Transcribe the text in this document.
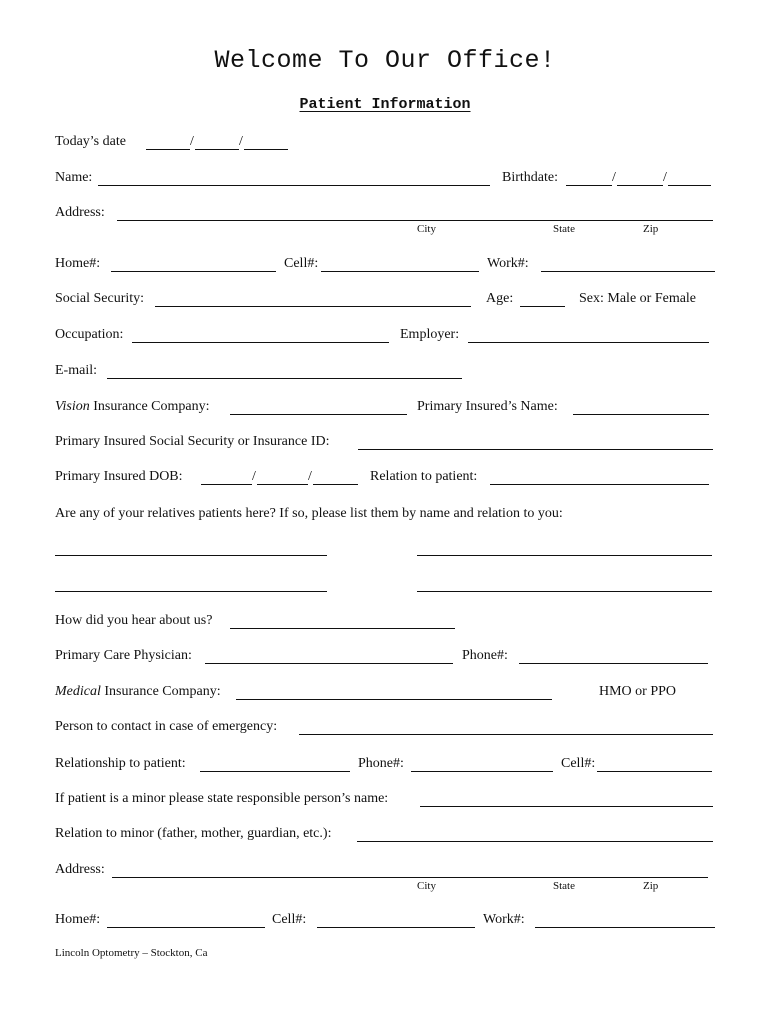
Welcome To Our Office!
Patient Information
Today’s date	/	/
Name:	Birthdate:	/	/
Address:
City	State	Zip
Home#:	Cell#:	Work#:
Social Security:	Age:	Sex: Male or Female
Occupation:	Employer:
E-mail:
Vision Insurance Company:	Primary Insured’s Name:
Primary Insured Social Security or Insurance ID:
Primary Insured DOB:	/	/	Relation to patient:
Are any of your relatives patients here? If so, please list them by name and relation to you:
How did you hear about us?
Primary Care Physician:	Phone#:
Medical Insurance Company:	HMO or PPO
Person to contact in case of emergency:
Relationship to patient:	Phone#:	Cell#:
If patient is a minor please state responsible person’s name:
Relation to minor (father, mother, guardian, etc.):
Address:
City	State	Zip
Home#:	Cell#:	Work#:
Lincoln Optometry – Stockton, Ca
